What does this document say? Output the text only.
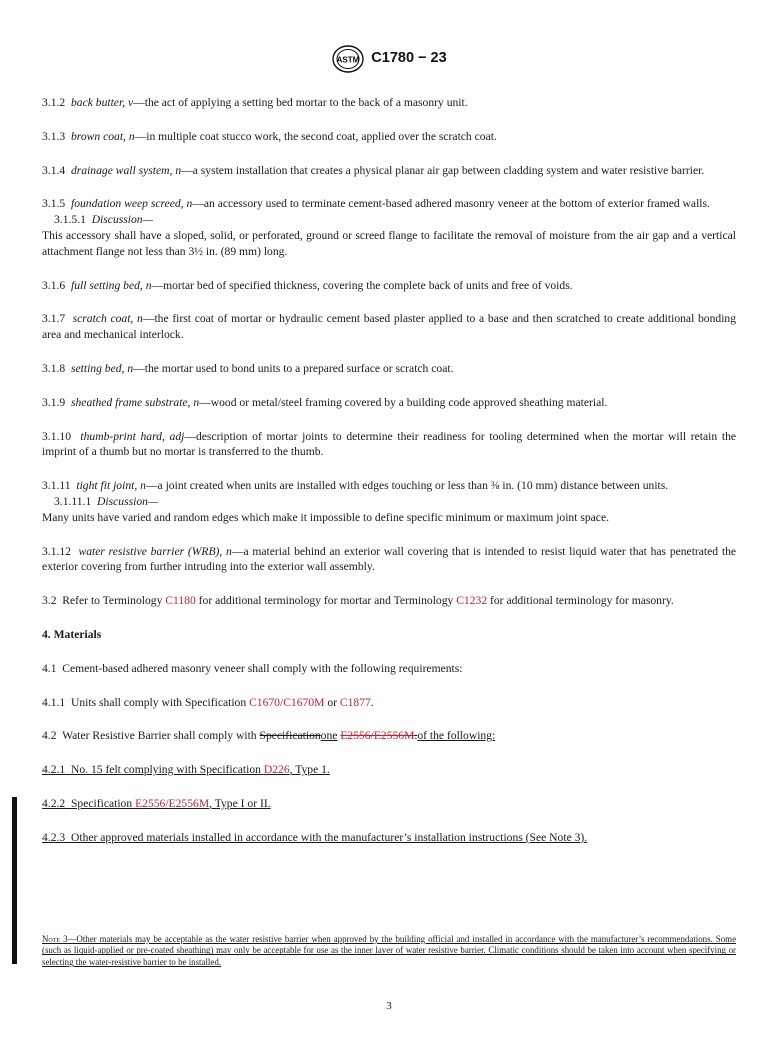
ASTM C1780 − 23

3.1.2 back butter, v—the act of applying a setting bed mortar to the back of a masonry unit.

3.1.3 brown coat, n—in multiple coat stucco work, the second coat, applied over the scratch coat.

3.1.4 drainage wall system, n—a system installation that creates a physical planar air gap between cladding system and water resistive barrier.

3.1.5 foundation weep screed, n—an accessory used to terminate cement-based adhered masonry veneer at the bottom of exterior framed walls.

3.1.5.1 Discussion—

This accessory shall have a sloped, solid, or perforated, ground or screed flange to facilitate the removal of moisture from the air gap and a vertical attachment flange not less than 3½ in. (89 mm) long.

3.1.6 full setting bed, n—mortar bed of specified thickness, covering the complete back of units and free of voids.

3.1.7 scratch coat, n—the first coat of mortar or hydraulic cement based plaster applied to a base and then scratched to create additional bonding area and mechanical interlock.

3.1.8 setting bed, n—the mortar used to bond units to a prepared surface or scratch coat.

3.1.9 sheathed frame substrate, n—wood or metal/steel framing covered by a building code approved sheathing material.

3.1.10 thumb-print hard, adj—description of mortar joints to determine their readiness for tooling determined when the mortar will retain the imprint of a thumb but no mortar is transferred to the thumb.

3.1.11 tight fit joint, n—a joint created when units are installed with edges touching or less than ⅜ in. (10 mm) distance between units.

3.1.11.1 Discussion—

Many units have varied and random edges which make it impossible to define specific minimum or maximum joint space.

3.1.12 water resistive barrier (WRB), n—a material behind an exterior wall covering that is intended to resist liquid water that has penetrated the exterior covering from further intruding into the exterior wall assembly.

3.2 Refer to Terminology C1180 for additional terminology for mortar and Terminology C1232 for additional terminology for masonry.

4. Materials

4.1 Cement-based adhered masonry veneer shall comply with the following requirements:

4.1.1 Units shall comply with Specification C1670/C1670M or C1877.

4.2 Water Resistive Barrier shall comply with Specificationone E2556/E2556M.of the following:

4.2.1 No. 15 felt complying with Specification D226, Type 1.

4.2.2 Specification E2556/E2556M, Type I or II.

4.2.3 Other approved materials installed in accordance with the manufacturer’s installation instructions (See Note 3).

Note 3—Other materials may be acceptable as the water resistive barrier when approved by the building official and installed in accordance with the manufacturer’s recommendations. Some (such as liquid-applied or pre-coated sheathing) may only be acceptable for use as the inner layer of water resistive barrier. Climatic conditions should be taken into account when specifying or selecting the water-resistive barrier to be installed.

3
